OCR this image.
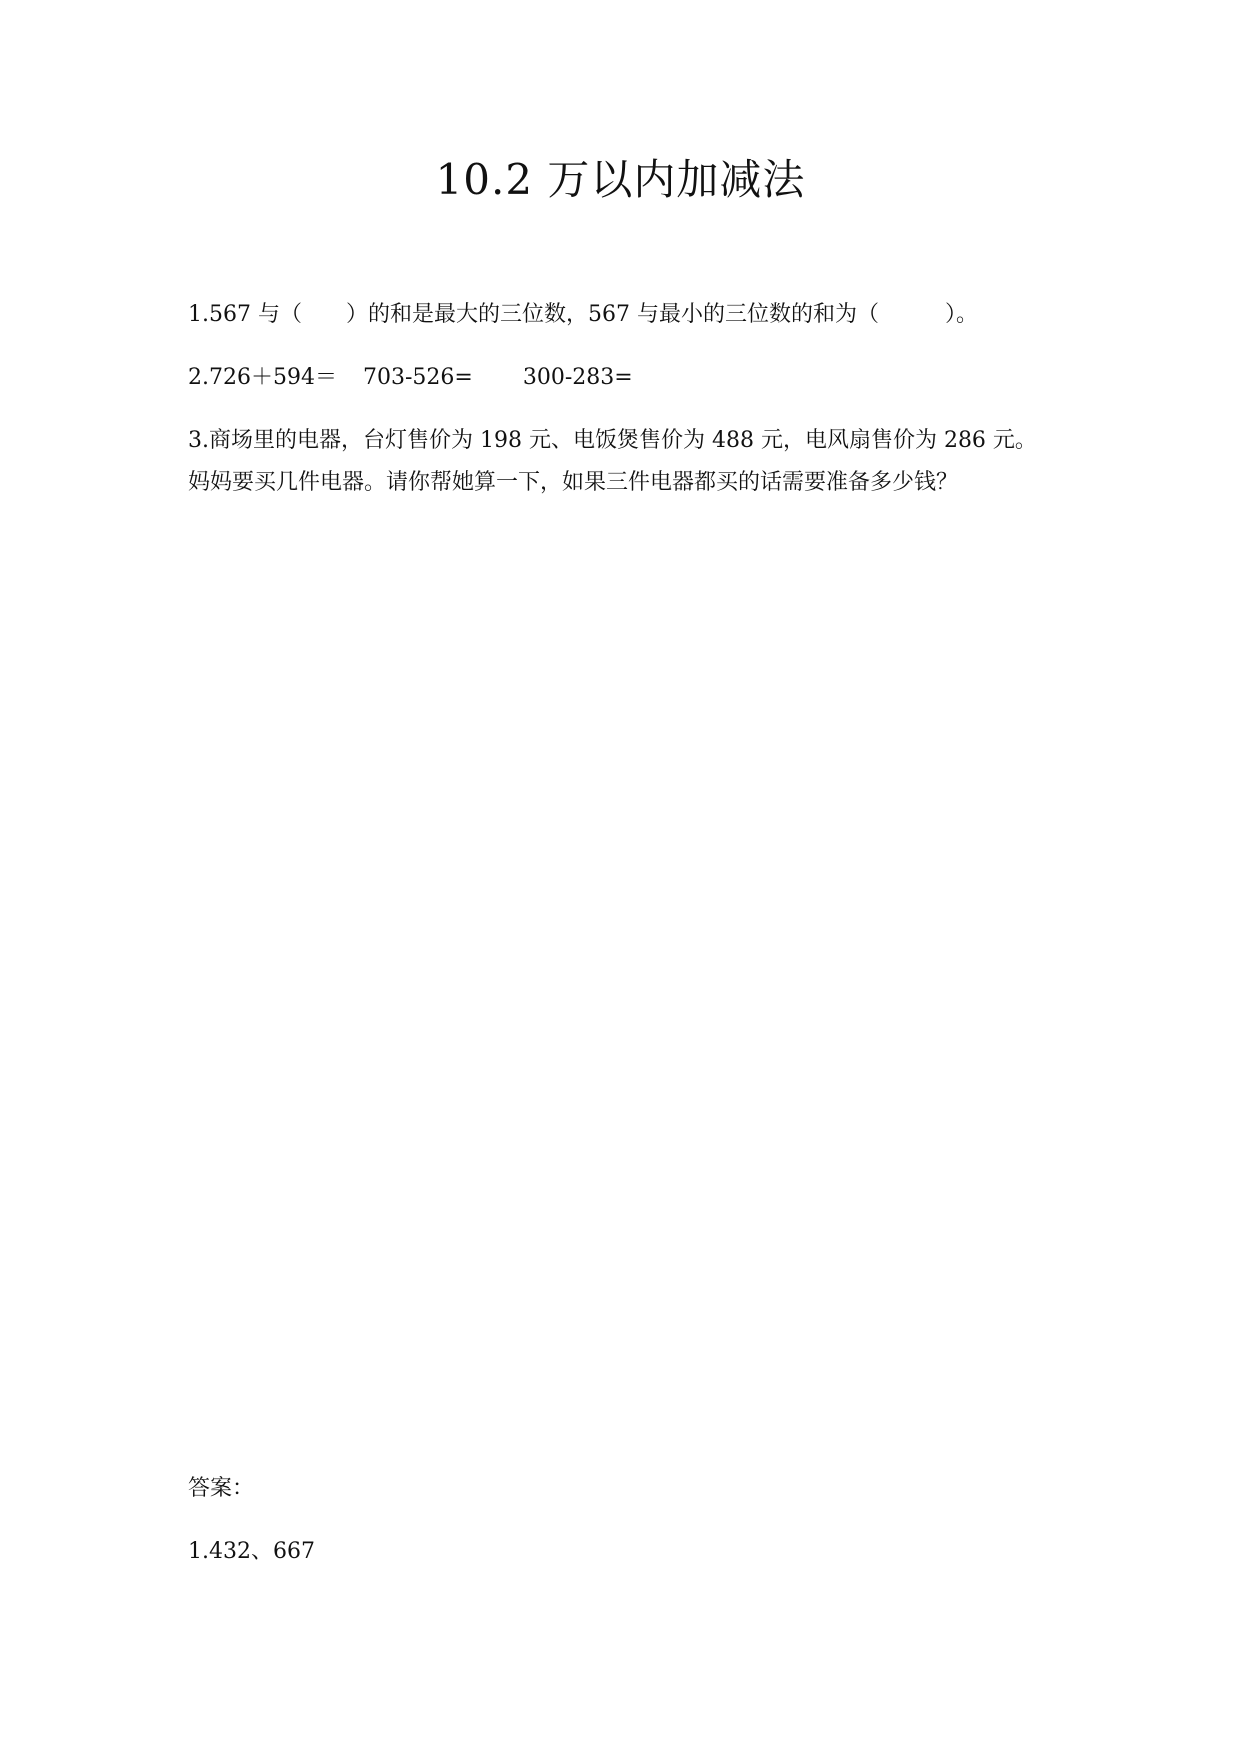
10.2 万以内加减法
1.567 与（　　）的和是最大的三位数，567 与最小的三位数的和为（　　　）。
2.726＋594＝ 703-526= 300-283=
3.商场里的电器，台灯售价为 198 元、电饭煲售价为 488 元，电风扇售价为 286 元。妈妈要买几件电器。请你帮她算一下，如果三件电器都买的话需要准备多少钱？
答案：
1.432、667
